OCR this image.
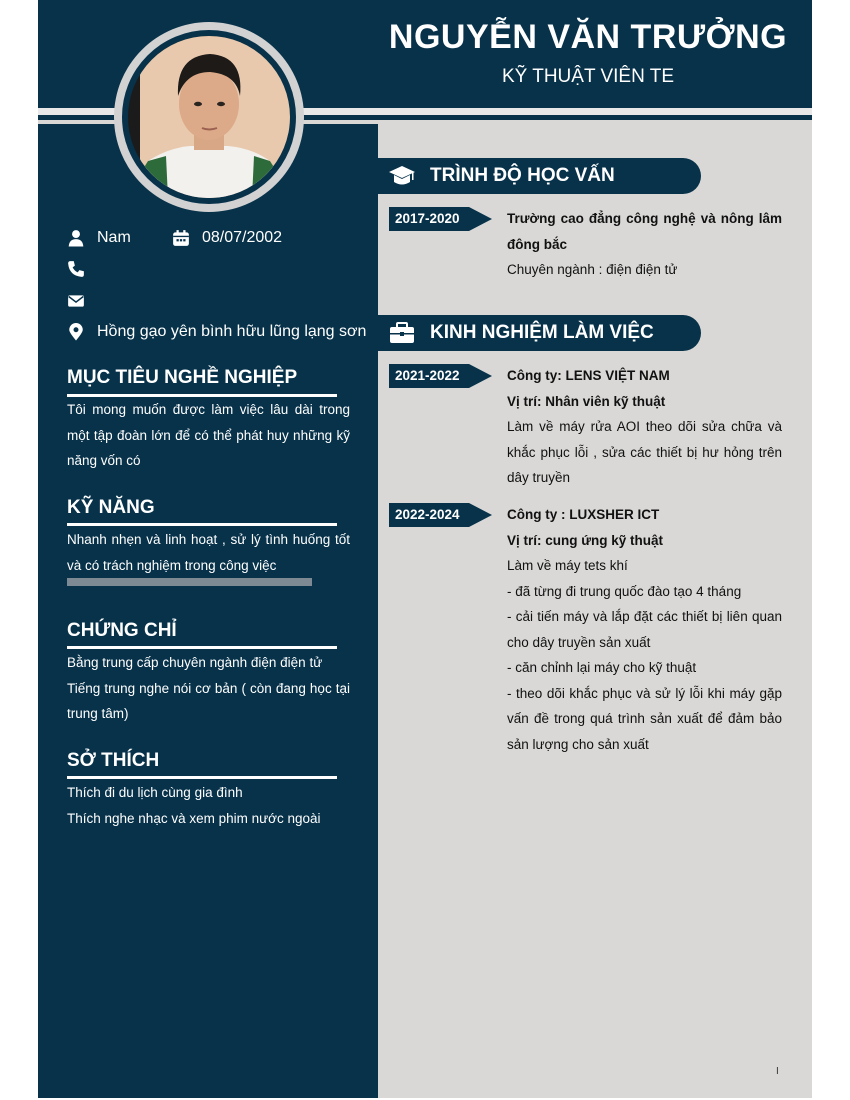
NGUYỄN VĂN TRƯỞNG
KỸ THUẬT VIÊN TE
Nam	08/07/2002
Hồng gạo yên bình hữu lũng lạng sơn
MỤC TIÊU NGHỀ NGHIỆP
Tôi mong muốn được làm việc lâu dài trong một tập đoàn lớn để có thể phát huy những kỹ năng vốn có
KỸ NĂNG
Nhanh nhẹn và linh hoạt , sử lý tình huống tốt và có trách nghiệm trong công việc
CHỨNG CHỈ
Bằng trung cấp chuyên ngành điện điện tử
Tiếng trung nghe nói cơ bản ( còn đang học tại trung tâm)
SỞ THÍCH
Thích đi du lịch cùng gia đình
Thích nghe nhạc và xem phim nước ngoài
TRÌNH ĐỘ HỌC VẤN
2017-2020	Trường cao đẳng công nghệ và nông lâm đông bắc
Chuyên ngành : điện điện tử
KINH NGHIỆM LÀM VIỆC
2021-2022	Công ty: LENS VIỆT NAM
Vị trí: Nhân viên kỹ thuật
Làm về máy rửa AOI theo dõi sửa chữa và khắc phục lỗi , sửa các thiết bị hư hỏng trên dây truyền
2022-2024	Công ty : LUXSHER ICT
Vị trí: cung ứng kỹ thuật
Làm về máy tets khí
- đã từng đi trung quốc đào tạo 4 tháng
- cải tiến máy và lắp đặt các thiết bị liên quan cho dây truyền sản xuất
- căn chỉnh lại máy cho kỹ thuật
- theo dõi khắc phục và sử lý lỗi khi máy gặp vấn đề trong quá trình sản xuất để đảm bảo sản lượng cho sản xuất
I
